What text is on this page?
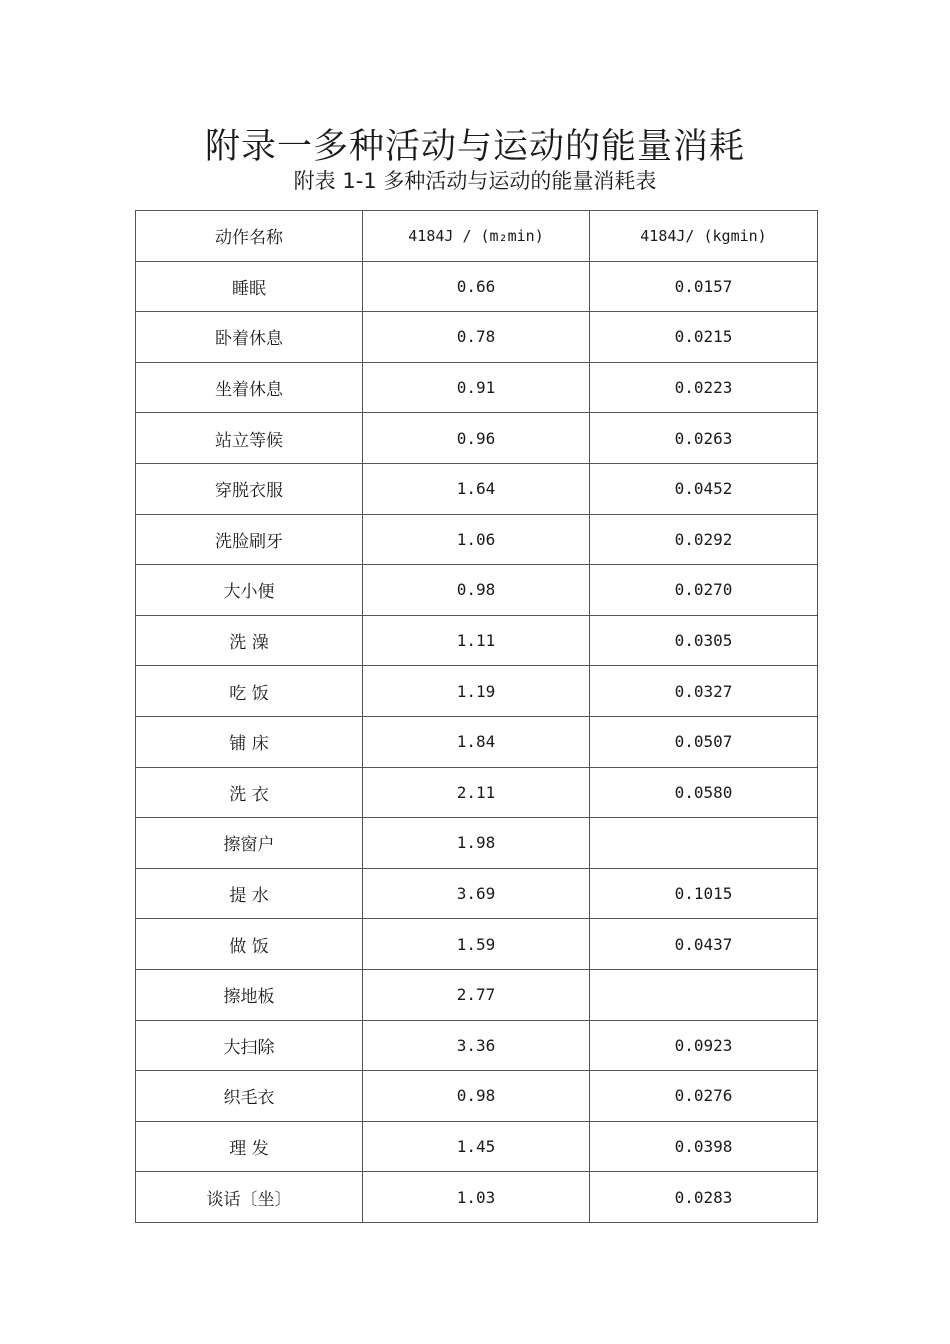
附录一多种活动与运动的能量消耗
附表 1-1 多种活动与运动的能量消耗表
动作名称	4184J / (m₂min)	4184J/ (kgmin)
睡眠	0.66	0.0157
卧着休息	0.78	0.0215
坐着休息	0.91	0.0223
站立等候	0.96	0.0263
穿脱衣服	1.64	0.0452
洗脸刷牙	1.06	0.0292
大小便	0.98	0.0270
洗 澡	1.11	0.0305
吃 饭	1.19	0.0327
铺 床	1.84	0.0507
洗 衣	2.11	0.0580
擦窗户	1.98	
提 水	3.69	0.1015
做 饭	1.59	0.0437
擦地板	2.77	
大扫除	3.36	0.0923
织毛衣	0.98	0.0276
理 发	1.45	0.0398
谈话〔坐〕	1.03	0.0283
